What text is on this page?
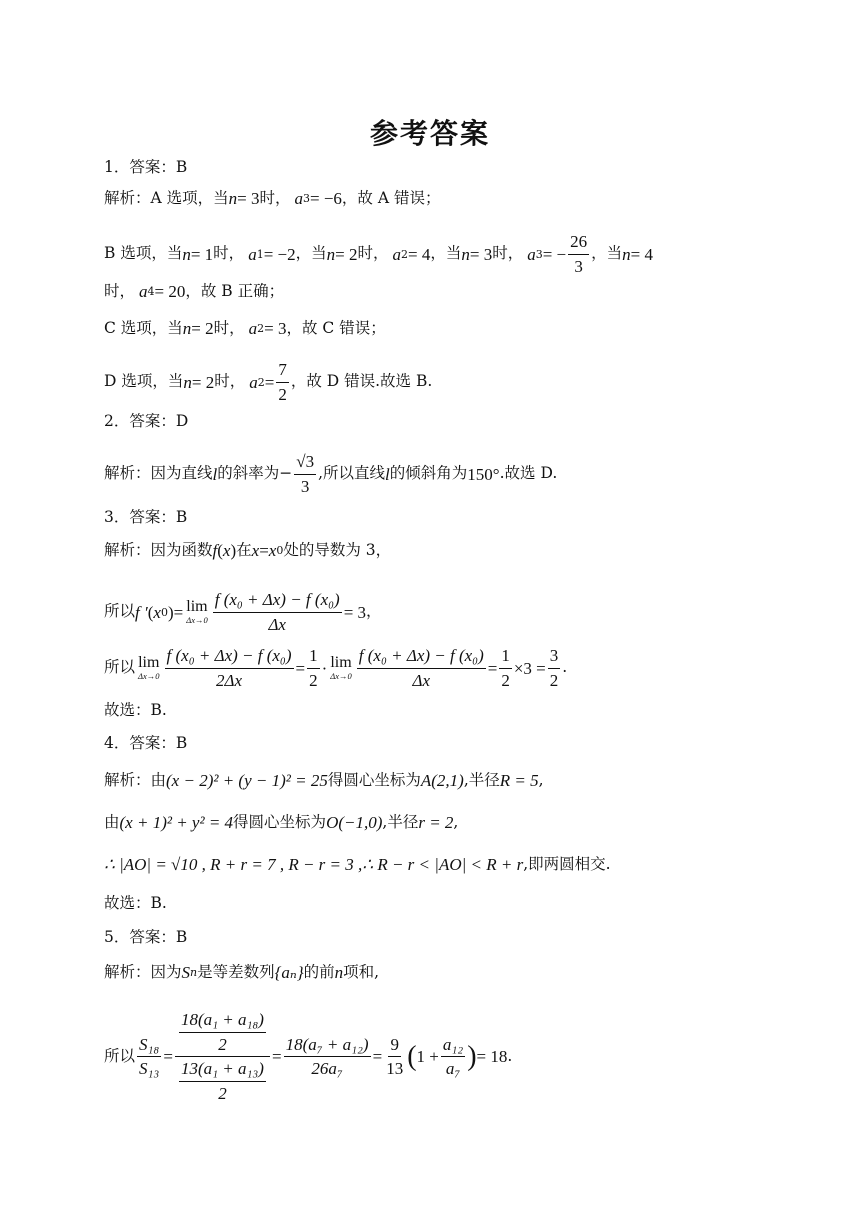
参考答案
1．答案：B
解析：A 选项，当 n = 3 时， a 3 = −6 ，故 A 错误；
B 选项，当 n = 1 时， a 1 = −2 ，当 n = 2 时， a 2 = 4 ，当 n = 3 时， a 3 = − $\frac{26}{3}$ ，当 n = 4
时， a 4 = 20 ，故 B 正确；
C 选项，当 n = 2 时， a 2 = 3 ，故 C 错误；
D 选项，当 n = 2 时， a $2 = \frac{7}{2}$ ，故 D 错误.故选 B.
2．答案：D
解析：因为直线 l 的斜率为− $\frac{√3}{3}$ ,所以直线 l 的倾斜角为 150° .故选 D.
3．答案：B
解析：因为函数 f ( x ) 在 x = x 0 处的导数为 3，
所以 f ′ ( x 0 ) = lim
$\Delta x\to 0 \frac{\text{f (x₀ + Δx) − f (x₀)}}{\Delta x} = 3$ ，
所以 lim
$\Delta x\to 0 \frac{\text{f (x₀ + Δx) − f (x₀)}}{2\Delta x} = \frac{1}{2} \cdot \lim$
$\Delta x\to 0 \frac{\text{f (x₀ + Δx) − f (x₀)}}{\Delta x} = \frac{1}{2} \times 3 = \frac{3}{2}$ .
故选：B.
4．答案：B
解析：由 (x − 2)² + (y − 1)² = 25 得圆心坐标为 A(2,1) ,半径 R = 5 ,
由 (x + 1)² + y² = 4 得圆心坐标为 O(−1,0) ,半径 r = 2 ,
∴ |AO| = √10 , R + r = 7 , R − r = 3 ,∴ R − r < |AO| < R + r ,即两圆相交.
故选：B.
5．答案：B
解析：因为 S n 是等差数列 {aₙ} 的前 n 项和,
所以 $\frac{\text{S₁₈}}{\text{S₁₃}} = \frac{\frac{\text{18(a₁ + a₁₈)}}{2}}{\frac{\text{13(a₁ + a₁₃)}}{2}} = \frac{\text{18(a₇ + a₁₂)}}{\text{26a₇}} = \frac{9}{13}$ ( $1 + \frac{\text{a₁₂}}{\text{a₇}}$ ) = 18 .
